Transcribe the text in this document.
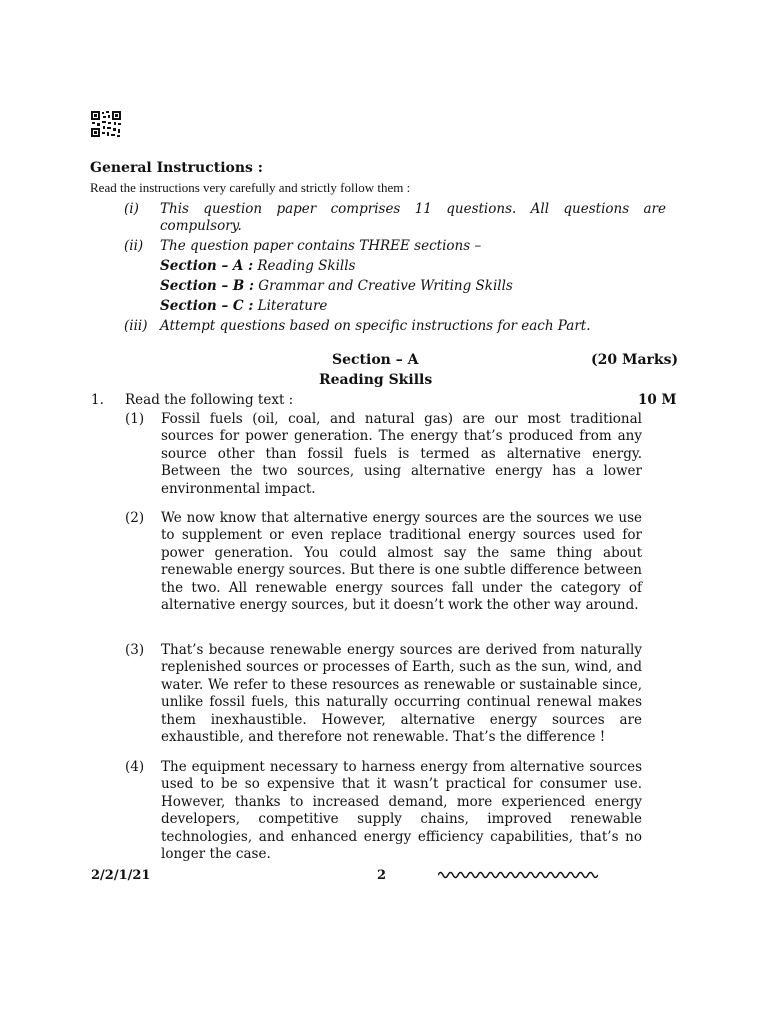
General Instructions :
Read the instructions very carefully and strictly follow them :
(i) This question paper comprises 11 questions. All questions are
compulsory.
(ii) The question paper contains THREE sections –
Section – A : Reading Skills
Section – B : Grammar and Creative Writing Skills
Section – C : Literature
(iii) Attempt questions based on specific instructions for each Part.
Section – A	(20 Marks)
Reading Skills
1. Read the following text :	10 M
(1) Fossil fuels (oil, coal, and natural gas) are our most traditional sources for power generation. The energy that’s produced from any source other than fossil fuels is termed as alternative energy. Between the two sources, using alternative energy has a lower environmental impact.
(2) We now know that alternative energy sources are the sources we use to supplement or even replace traditional energy sources used for power generation. You could almost say the same thing about renewable energy sources. But there is one subtle difference between the two. All renewable energy sources fall under the category of alternative energy sources, but it doesn’t work the other way around.
(3) That’s because renewable energy sources are derived from naturally replenished sources or processes of Earth, such as the sun, wind, and water. We refer to these resources as renewable or sustainable since, unlike fossil fuels, this naturally occurring continual renewal makes them inexhaustible. However, alternative energy sources are exhaustible, and therefore not renewable. That’s the difference !
(4) The equipment necessary to harness energy from alternative sources used to be so expensive that it wasn’t practical for consumer use. However, thanks to increased demand, more experienced energy developers, competitive supply chains, improved renewable technologies, and enhanced energy efficiency capabilities, that’s no longer the case.
2/2/1/21	2
